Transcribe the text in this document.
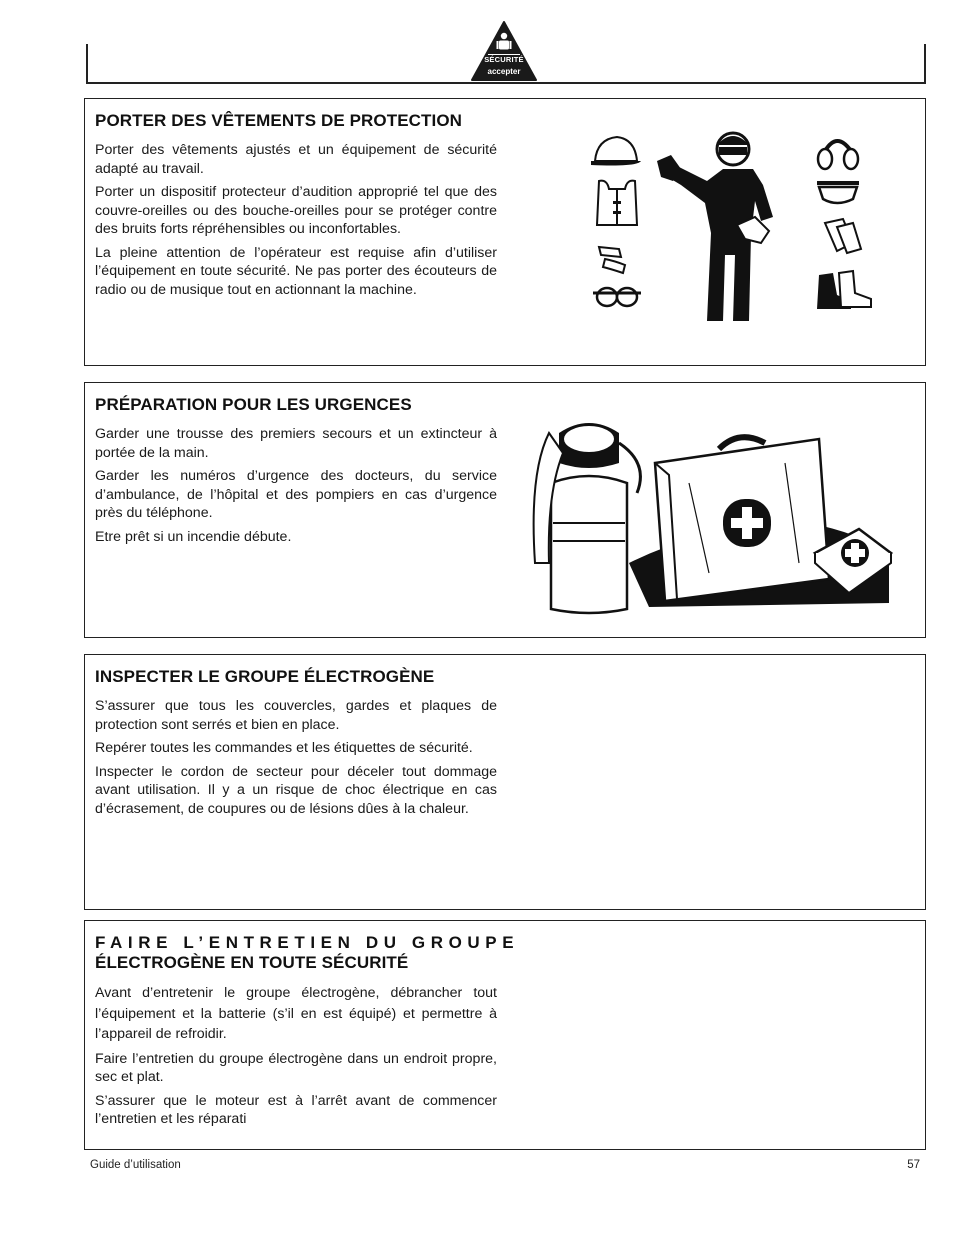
SÉCURITÉ
accepter
PORTER DES VÊTEMENTS DE PROTECTION

Porter des vêtements ajustés et un équipement de sécurité adapté au travail.

Porter un dispositif protecteur d’audition approprié tel que des couvre-oreilles ou des bouche-oreilles pour se protéger contre des bruits forts répréhensibles ou inconfortables.

La pleine attention de l’opérateur est requise afin d’utiliser l’équipement en toute sécurité. Ne pas porter des écouteurs de radio ou de musique tout en actionnant la machine.

PRÉPARATION POUR LES URGENCES

Garder une trousse des premiers secours et un extincteur à portée de la main.

Garder les numéros d’urgence des docteurs, du service d’ambulance, de l’hôpital et des pompiers en cas d’urgence près du téléphone.

Etre prêt si un incendie débute.

INSPECTER LE GROUPE ÉLECTROGÈNE

S’assurer que tous les couvercles, gardes et plaques de protection sont serrés et bien en place.

Repérer toutes les commandes et les étiquettes de sécurité.

Inspecter le cordon de secteur pour déceler tout dommage avant utilisation. Il y a un risque de choc électrique en cas d’écrasement, de coupures ou de lésions dûes à la chaleur.

FAIRE L’ENTRETIEN DU GROUPE
ÉLECTROGÈNE EN TOUTE SÉCURITÉ

Avant d’entretenir le groupe électrogène, débrancher tout l’équipement et la batterie (s’il en est équipé) et permettre à l’appareil de refroidir.

Faire l’entretien du groupe électrogène dans un endroit propre, sec et plat.

S’assurer que le moteur est à l’arrêt avant de commencer l’entretien et les réparati

Guide d’utilisation	57
